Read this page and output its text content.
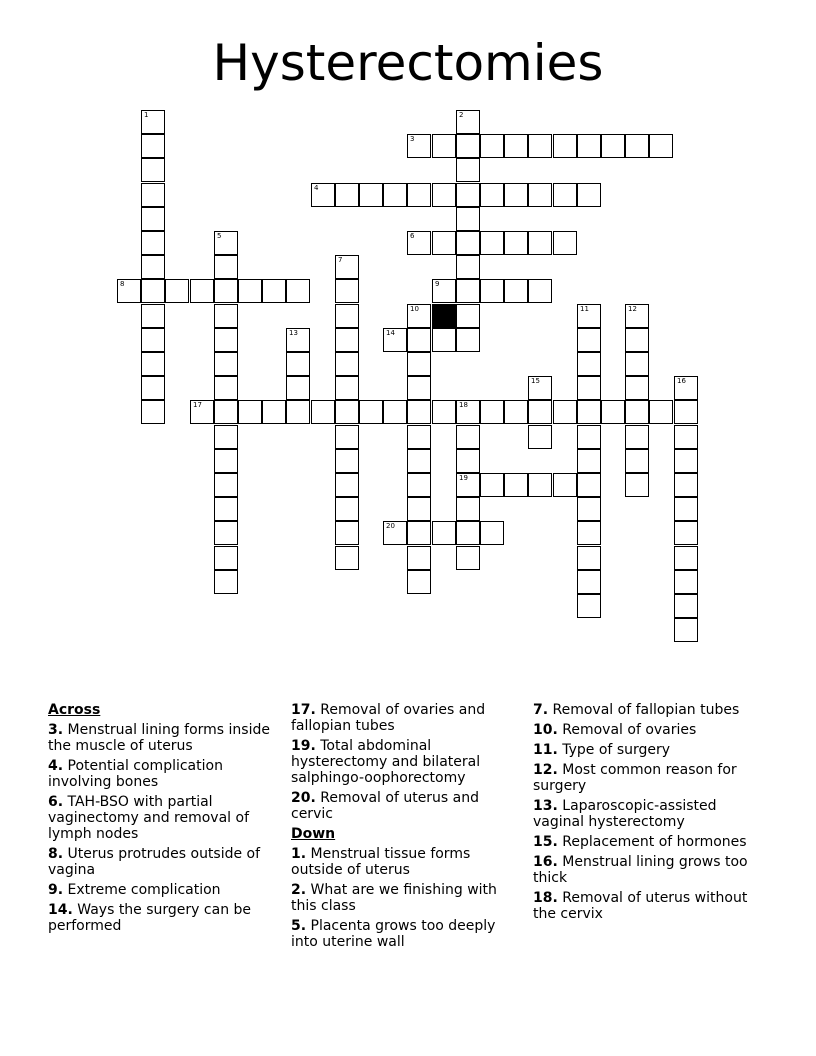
Hysterectomies
3
4
6
8	9
14
17	18
19
20
1	2
5
7
10	11	12
13
15	16
Across
3. Menstrual lining forms inside the muscle of uterus
4. Potential complication involving bones
6. TAH-BSO with partial vaginectomy and removal of lymph nodes
8. Uterus protrudes outside of vagina
9. Extreme complication
14. Ways the surgery can be performed
17. Removal of ovaries and fallopian tubes
19. Total abdominal hysterectomy and bilateral salphingo-oophorectomy
20. Removal of uterus and cervic
Down
1. Menstrual tissue forms outside of uterus
2. What are we finishing with this class
5. Placenta grows too deeply into uterine wall
7. Removal of fallopian tubes
10. Removal of ovaries
11. Type of surgery
12. Most common reason for surgery
13. Laparoscopic-assisted vaginal hysterectomy
15. Replacement of hormones
16. Menstrual lining grows too thick
18. Removal of uterus without the cervix
